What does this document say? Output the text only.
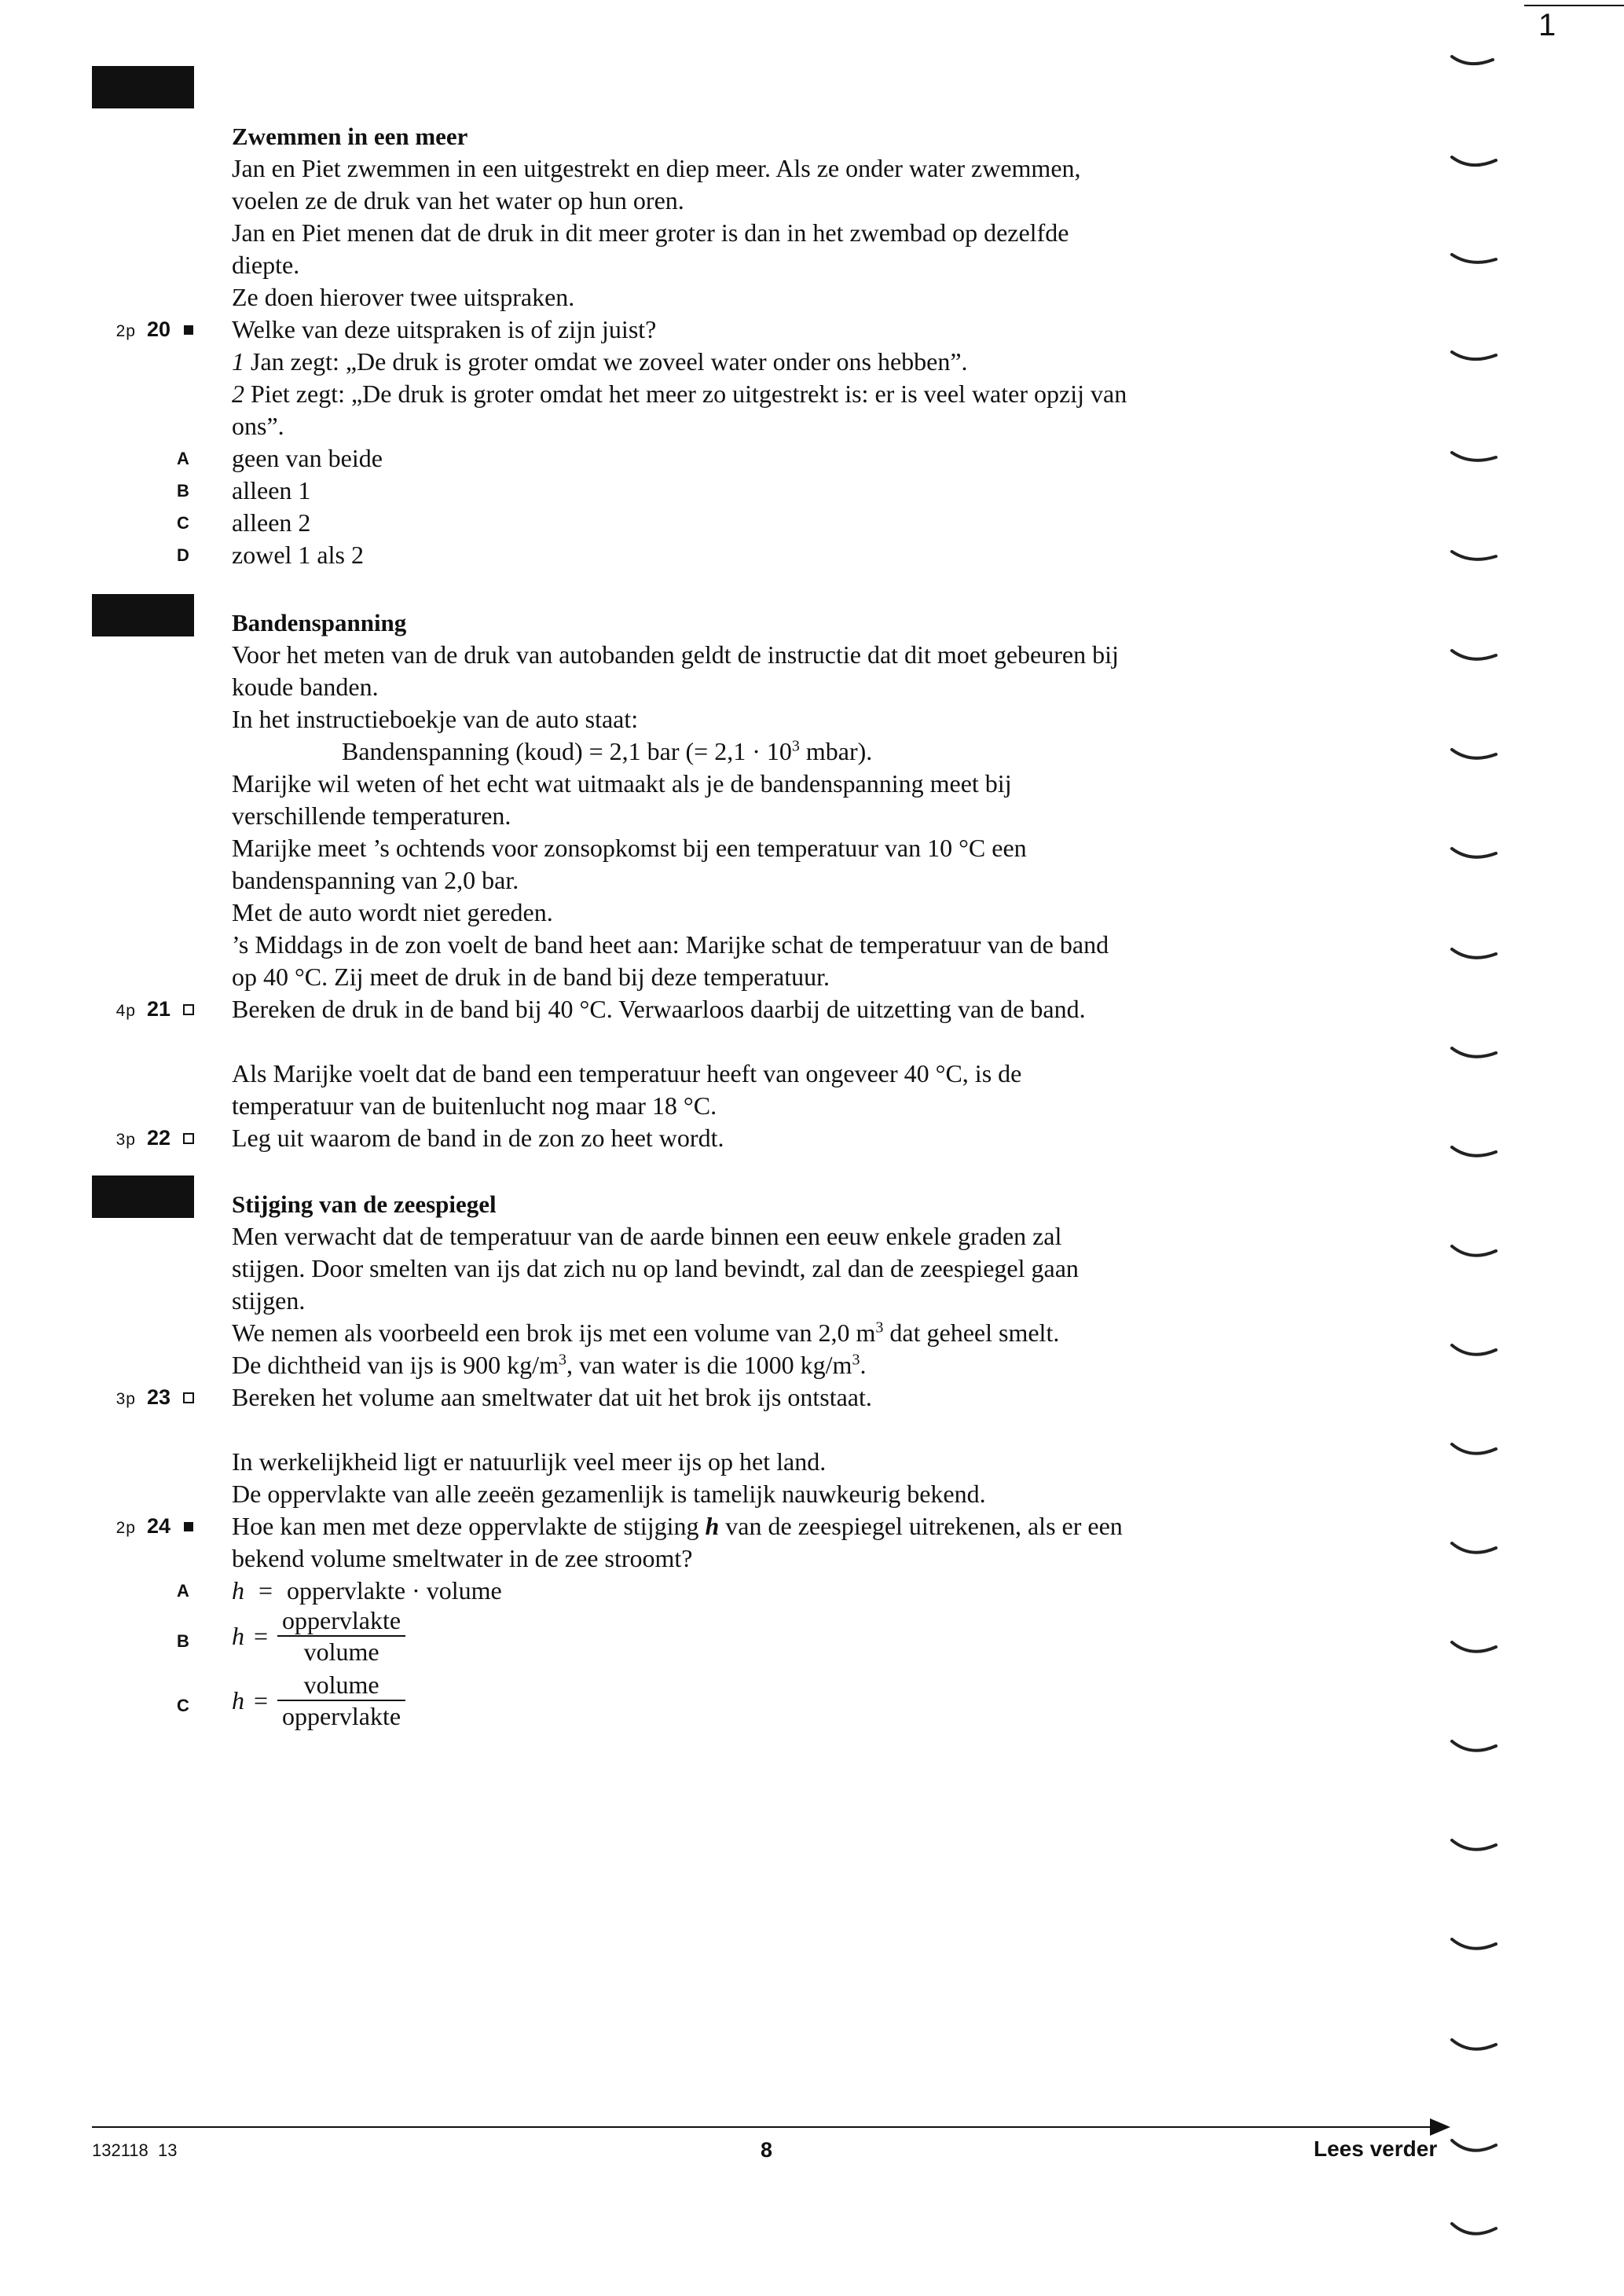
1
Zwemmen in een meer
Jan en Piet zwemmen in een uitgestrekt en diep meer. Als ze onder water zwemmen,
voelen ze de druk van het water op hun oren.
Jan en Piet menen dat de druk in dit meer groter is dan in het zwembad op dezelfde
diepte.
Ze doen hierover twee uitspraken.
2p 20	Welke van deze uitspraken is of zijn juist?
1 Jan zegt: „De druk is groter omdat we zoveel water onder ons hebben”.
2 Piet zegt: „De druk is groter omdat het meer zo uitgestrekt is: er is veel water opzij van
ons”.
A geen van beide
B alleen 1
C alleen 2
D zowel 1 als 2
Bandenspanning
Voor het meten van de druk van autobanden geldt de instructie dat dit moet gebeuren bij
koude banden.
In het instructieboekje van de auto staat:
Bandenspanning (koud) = 2,1 bar (= $2,1 \cdot 10^3$ mbar).
Marijke wil weten of het echt wat uitmaakt als je de bandenspanning meet bij
verschillende temperaturen.
Marijke meet ’s ochtends voor zonsopkomst bij een temperatuur van 10 °C een
bandenspanning van 2,0 bar.
Met de auto wordt niet gereden.
’s Middags in de zon voelt de band heet aan: Marijke schat de temperatuur van de band
op 40 °C. Zij meet de druk in de band bij deze temperatuur.
4p 21	Bereken de druk in de band bij 40 °C. Verwaarloos daarbij de uitzetting van de band.
Als Marijke voelt dat de band een temperatuur heeft van ongeveer 40 °C, is de
temperatuur van de buitenlucht nog maar 18 °C.
3p 22	Leg uit waarom de band in de zon zo heet wordt.
Stijging van de zeespiegel
Men verwacht dat de temperatuur van de aarde binnen een eeuw enkele graden zal
stijgen. Door smelten van ijs dat zich nu op land bevindt, zal dan de zeespiegel gaan
stijgen.
We nemen als voorbeeld een brok ijs met een volume van 2,0 $m^3$ dat geheel smelt.
De dichtheid van ijs is 900 $kg/m^3$, van water is die 1000 $kg/m^3$.
3p 23	Bereken het volume aan smeltwater dat uit het brok ijs ontstaat.
In werkelijkheid ligt er natuurlijk veel meer ijs op het land.
De oppervlakte van alle zeeën gezamenlijk is tamelijk nauwkeurig bekend.
2p 24	Hoe kan men met deze oppervlakte de stijging h van de zeespiegel uitrekenen, als er een
bekend volume smeltwater in de zee stroomt?
A h = oppervlakte · volume
B $h = \frac{\text{oppervlakte}}{\text{volume}}$
C $h = \frac{\text{volume}}{\text{oppervlakte}}$
132118  13	8	Lees verder
